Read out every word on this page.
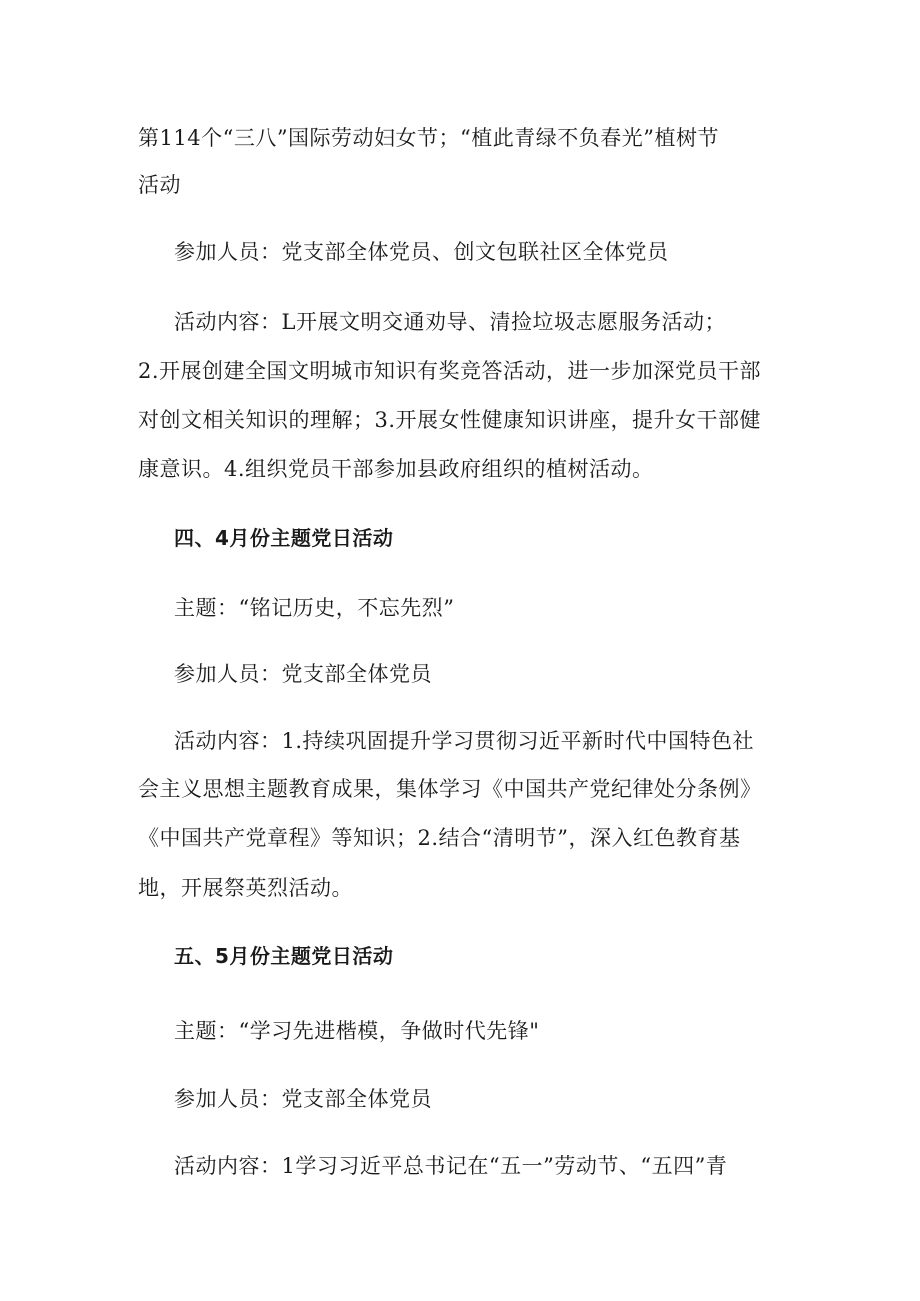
第114个“三八”国际劳动妇女节；“植此青绿不负春光”植树节
活动
参加人员：党支部全体党员、创文包联社区全体党员
活动内容：L开展文明交通劝导、清捡垃圾志愿服务活动；
2.开展创建全国文明城市知识有奖竞答活动，进一步加深党员干部
对创文相关知识的理解；3.开展女性健康知识讲座，提升女干部健
康意识。4.组织党员干部参加县政府组织的植树活动。
四、4月份主题党日活动
主题：“铭记历史，不忘先烈”
参加人员：党支部全体党员
活动内容：1.持续巩固提升学习贯彻习近平新时代中国特色社
会主义思想主题教育成果，集体学习《中国共产党纪律处分条例》
《中国共产党章程》等知识；2.结合“清明节”，深入红色教育基
地，开展祭英烈活动。
五、5月份主题党日活动
主题：“学习先进楷模，争做时代先锋"
参加人员：党支部全体党员
活动内容：1学习习近平总书记在“五一”劳动节、“五四”青
